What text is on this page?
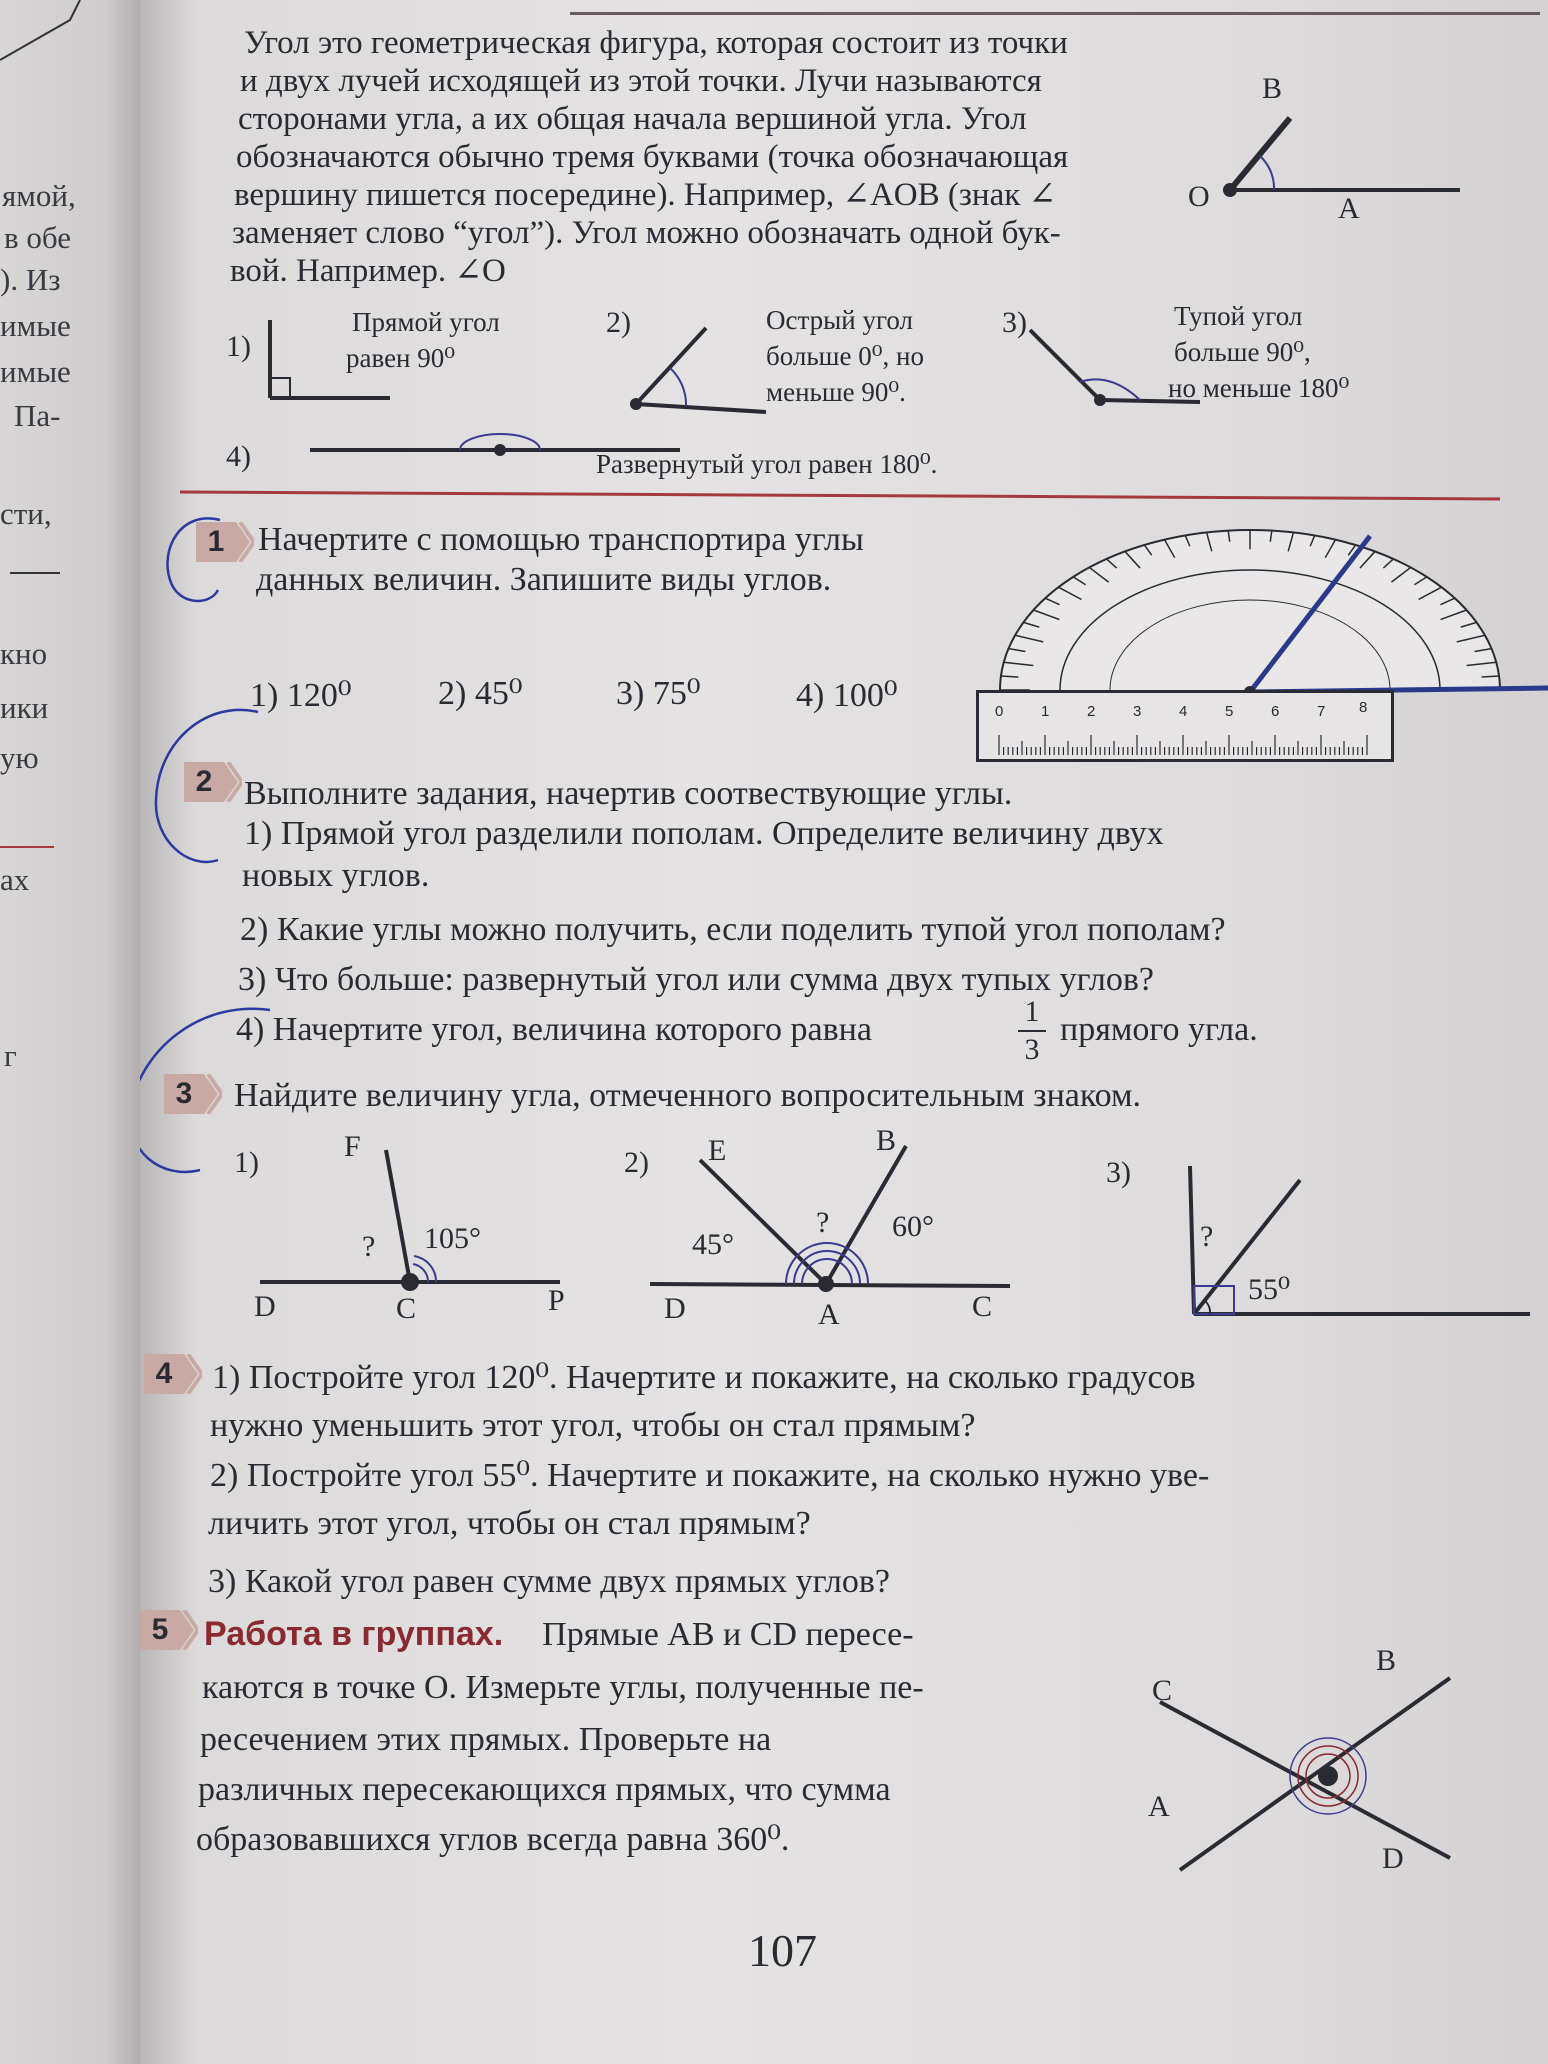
ямой,
в обе
). Из
имые
имые
Па-
сти,
кно
ики
ую
ах
г
Угол это геометрическая фигура, которая состоит из точки
и двух лучей исходящей из этой точки. Лучи называются
сторонами угла, а их общая начала вершиной угла. Угол
обозначаются обычно тремя буквами (точка обозначающая
вершину пишется посередине). Например, ∠AOB (знак ∠
заменяет слово “угол”). Угол можно обозначать одной бук-
вой. Например. ∠O
B
O	A
1)
Прямой угол
равен 90⁰
2)	Острый угол
больше 0⁰, но
меньше 90⁰.
3)	Тупой угол
больше 90⁰,
но меньше 180⁰
4)	Развернутый угол равен 180⁰.
1 Начертите с помощью транспортира углы
данных величин. Запишите виды углов.
1) 120⁰	2) 45⁰	3) 75⁰	4) 100⁰	0	1	2	3	4	5	6	7 8
2 Выполните задания, начертив соотвествующие углы.
1) Прямой угол разделили пополам. Определите величину двух
новых углов.
2) Какие углы можно получить, если поделить тупой угол пополам?
3) Что больше: развернутый угол или сумма двух тупых углов?
4) Начертите угол, величина которого равна	1
3
прямого угла.
3	Найдите величину угла, отмеченного вопросительным знаком.
1)	F
? 105°
D	C	P
2) E	B
?
45°
60°
D	A	C
3)
?
55⁰
4	1) Постройте угол 120⁰. Начертите и покажите, на сколько градусов
нужно уменьшить этот угол, чтобы он стал прямым?
2) Постройте угол 55⁰. Начертите и покажите, на сколько нужно уве-
личить этот угол, чтобы он стал прямым?
3) Какой угол равен сумме двух прямых углов?
5	Работа в группах. Прямые AB и CD пересе-
каются в точке O. Измерьте углы, полученные пе-
ресечением этих прямых. Проверьте на
различных пересекающихся прямых, что сумма
образовавшихся углов всегда равна 360⁰.
B
C
A
D
107
